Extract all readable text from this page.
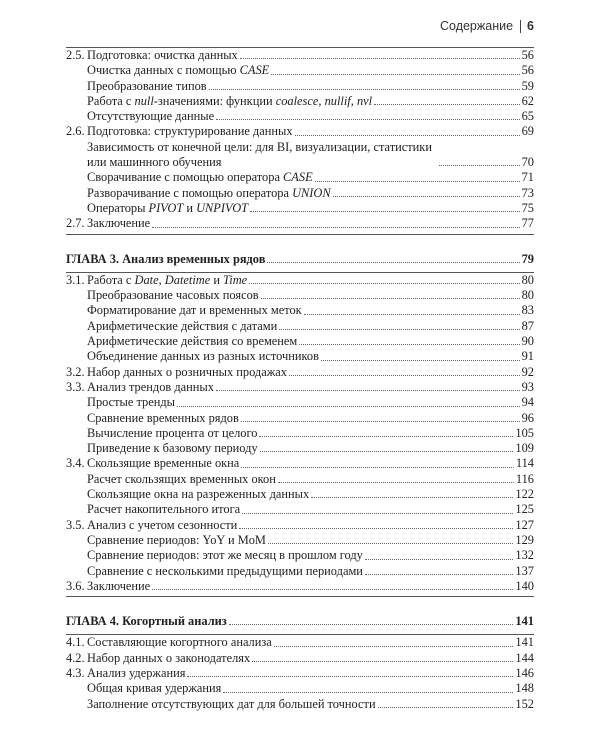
Содержание 6
2.5. Подготовка: очистка данных	56
Очистка данных с помощью CASE	56
Преобразование типов	59
Работа с null-значениями: функции coalesce, nullif, nvl	62
Отсутствующие данные	65
2.6. Подготовка: структурирование данных	69
Зависимость от конечной цели: для BI, визуализации, статистики или машинного обучения	70
Сворачивание с помощью оператора CASE	71
Разворачивание с помощью оператора UNION	73
Операторы PIVOT и UNPIVOT	75
2.7. Заключение	77
ГЛАВА 3. Анализ временных рядов	79
3.1. Работа с Date, Datetime и Time	80
Преобразование часовых поясов	80
Форматирование дат и временных меток	83
Арифметические действия с датами	87
Арифметические действия со временем	90
Объединение данных из разных источников	91
3.2. Набор данных о розничных продажах	92
3.3. Анализ трендов данных	93
Простые тренды	94
Сравнение временных рядов	96
Вычисление процента от целого	105
Приведение к базовому периоду	109
3.4. Скользящие временные окна	114
Расчет скользящих временных окон	116
Скользящие окна на разреженных данных	122
Расчет накопительного итога	125
3.5. Анализ с учетом сезонности	127
Сравнение периодов: YoY и MoM	129
Сравнение периодов: этот же месяц в прошлом году	132
Сравнение с несколькими предыдущими периодами	137
3.6. Заключение	140
ГЛАВА 4. Когортный анализ	141
4.1. Составляющие когортного анализа	141
4.2. Набор данных о законодателях	144
4.3. Анализ удержания	146
Общая кривая удержания	148
Заполнение отсутствующих дат для большей точности	152
